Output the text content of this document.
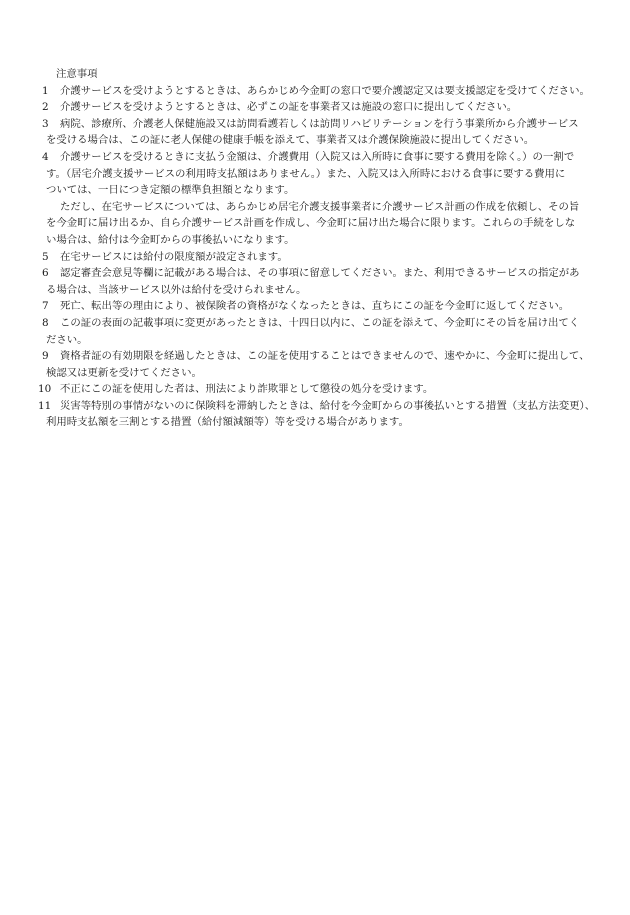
注意事項
1	介護サービスを受けようとするときは、あらかじめ今金町の窓口で要介護認定又は要支援認定を受けてください。
2	介護サービスを受けようとするときは、必ずこの証を事業者又は施設の窓口に提出してください。
3	病院、診療所、介護老人保健施設又は訪問看護若しくは訪問リハビリテーションを行う事業所から介護サービス
を受ける場合は、この証に老人保健の健康手帳を添えて、事業者又は介護保険施設に提出してください。
4	介護サービスを受けるときに支払う金額は、介護費用（入院又は入所時に食事に要する費用を除く。）の一割で
す。（居宅介護支援サービスの利用時支払額はありません。）また、入院又は入所時における食事に要する費用に
ついては、一日につき定額の標準負担額となります。
ただし、在宅サービスについては、あらかじめ居宅介護支援事業者に介護サービス計画の作成を依頼し、その旨
を今金町に届け出るか、自ら介護サービス計画を作成し、今金町に届け出た場合に限ります。これらの手続をしな
い場合は、給付は今金町からの事後払いになります。
5	在宅サービスには給付の限度額が設定されます。
6	認定審査会意見等欄に記載がある場合は、その事項に留意してください。また、利用できるサービスの指定があ
る場合は、当該サービス以外は給付を受けられません。
7	死亡、転出等の理由により、被保険者の資格がなくなったときは、直ちにこの証を今金町に返してください。
8	この証の表面の記載事項に変更があったときは、十四日以内に、この証を添えて、今金町にその旨を届け出てく
ださい。
9	資格者証の有効期限を経過したときは、この証を使用することはできませんので、速やかに、今金町に提出して、
検認又は更新を受けてください。
10 不正にこの証を使用した者は、刑法により詐欺罪として懲役の処分を受けます。
11 災害等特別の事情がないのに保険料を滞納したときは、給付を今金町からの事後払いとする措置（支払方法変更）、
利用時支払額を三割とする措置（給付額減額等）等を受ける場合があります。
